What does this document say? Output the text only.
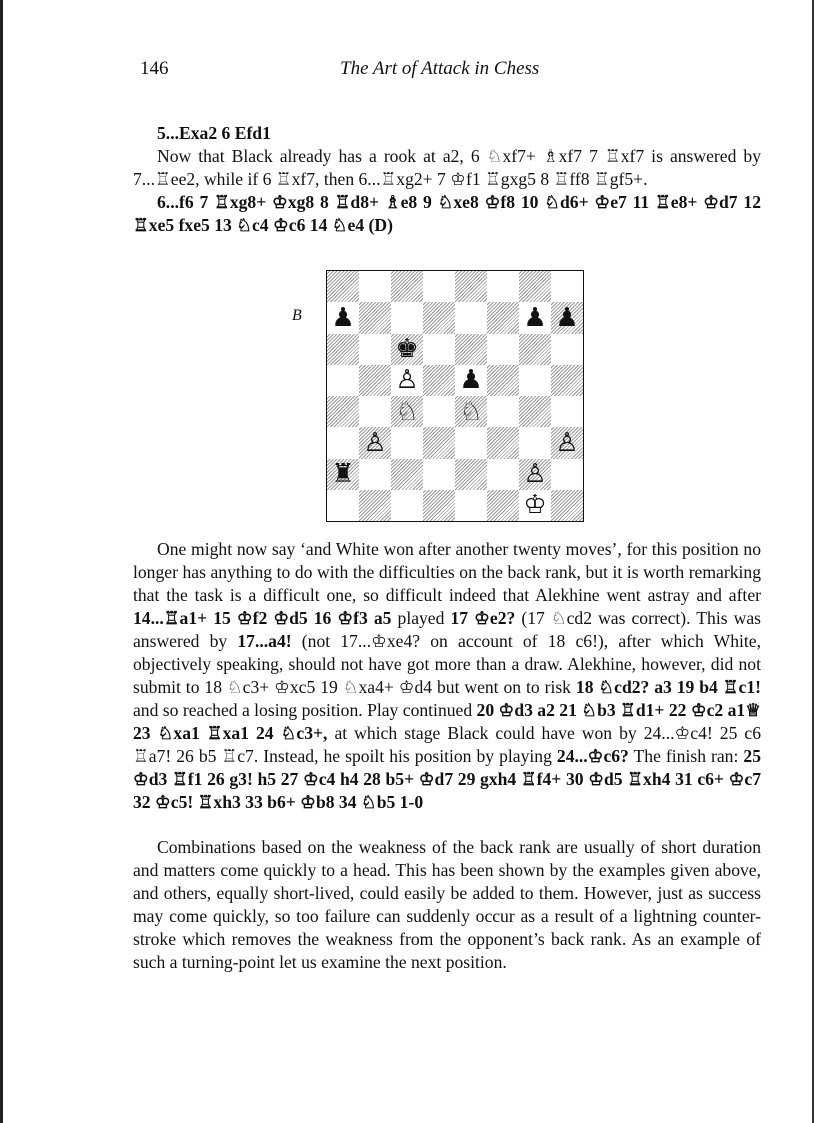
146	The Art of Attack in Chess

5...Exa2 6 Efd1

Now that Black already has a rook at a2, 6 ♘xf7+ ♗xf7 7 ♖xf7 is answered by 7...♖ee2, while if 6 ♖xf7, then 6...♖xg2+ 7 ♔f1 ♖gxg5 8 ♖ff8 ♖gf5+.

6...f6 7 ♖xg8+ ♔xg8 8 ♖d8+ ♗e8 9 ♘xe8 ♔f8 10 ♘d6+ ♔e7 11 ♖e8+ ♔d7 12 ♖xe5 fxe5 13 ♘c4 ♔c6 14 ♘e4 (D)

B ♟	♟ ♟
♚
♙ ♟
♘ ♘
♙	♙
♜	♙
♔

One might now say ‘and White won after another twenty moves’, for this position no longer has anything to do with the difficulties on the back rank, but it is worth remarking that the task is a difficult one, so difficult indeed that Alekhine went astray and after 14...♖a1+ 15 ♔f2 ♔d5 16 ♔f3 a5 played 17 ♔e2? (17 ♘cd2 was correct). This was answered by 17...a4! (not 17...♔xe4? on account of 18 c6!), after which White, objectively speaking, should not have got more than a draw. Alekhine, however, did not submit to 18 ♘c3+ ♔xc5 19 ♘xa4+ ♔d4 but went on to risk 18 ♘cd2? a3 19 b4 ♖c1! and so reached a losing position. Play continued 20 ♔d3 a2 21 ♘b3 ♖d1+ 22 ♔c2 a1♕ 23 ♘xa1 ♖xa1 24 ♘c3+, at which stage Black could have won by 24...♔c4! 25 c6 ♖a7! 26 b5 ♖c7. Instead, he spoilt his position by playing 24...♔c6? The finish ran: 25 ♔d3 ♖f1 26 g3! h5 27 ♔c4 h4 28 b5+ ♔d7 29 gxh4 ♖f4+ 30 ♔d5 ♖xh4 31 c6+ ♔c7 32 ♔c5! ♖xh3 33 b6+ ♔b8 34 ♘b5 1-0

Combinations based on the weakness of the back rank are usually of short duration and matters come quickly to a head. This has been shown by the examples given above, and others, equally short-lived, could easily be added to them. However, just as success may come quickly, so too failure can suddenly occur as a result of a lightning counter-stroke which removes the weakness from the opponent’s back rank. As an example of such a turning-point let us examine the next position.
